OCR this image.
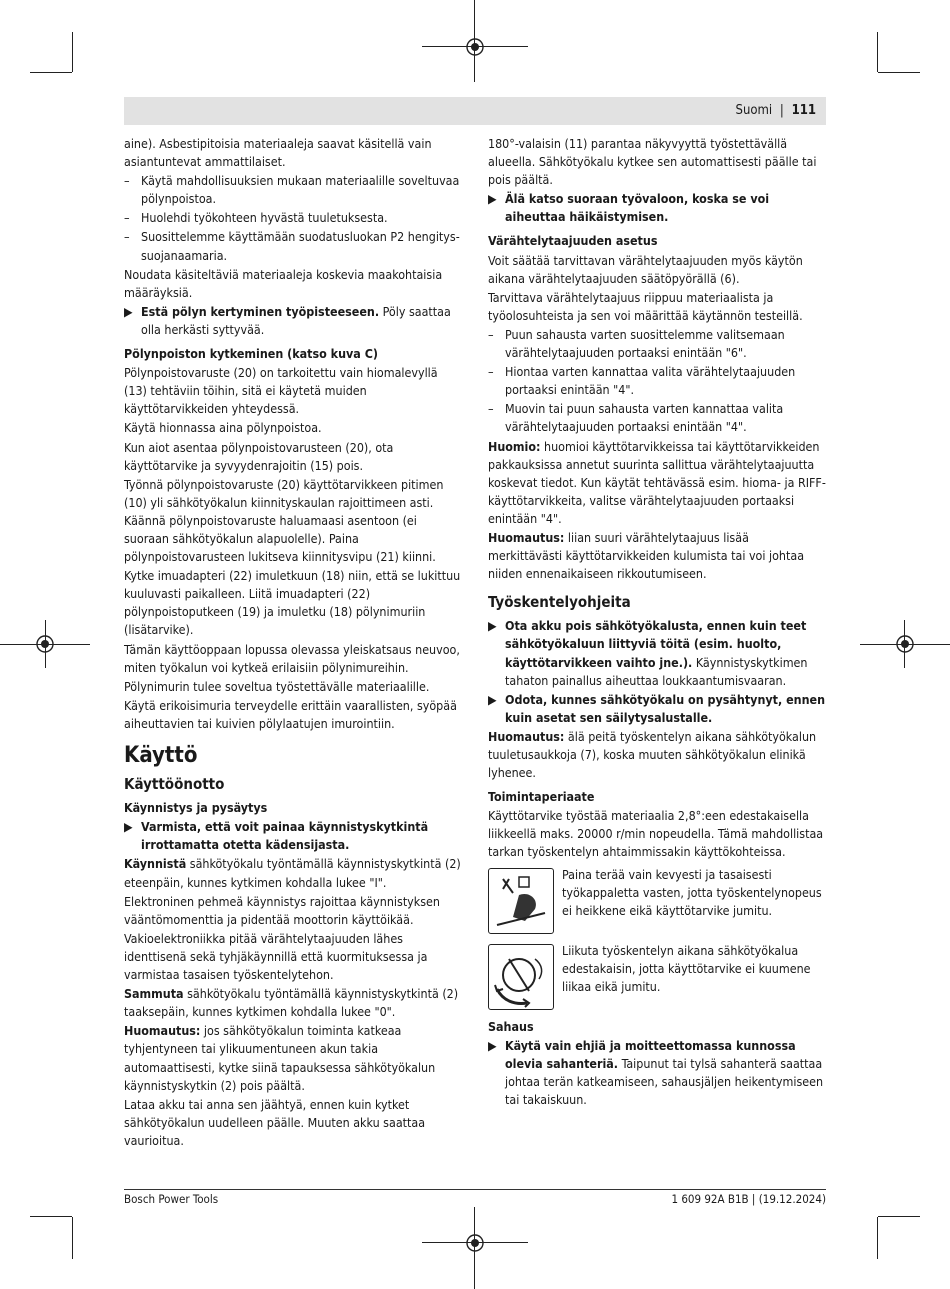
Suomi | 111

aine). Asbestipitoisia materiaaleja saavat käsitellä vain asiantuntevat ammattilaiset.

– Käytä mahdollisuuksien mukaan materiaalille soveltuvaa pölynpoistoa.

– Huolehdi työkohteen hyvästä tuuletuksesta.

– Suosittelemme käyttämään suodatusluokan P2 hengityssuojanaamaria.

Noudata käsiteltäviä materiaaleja koskevia maakohtaisia määräyksiä.

▶ Estä pölyn kertyminen työpisteeseen. Pöly saattaa olla herkästi syttyvää.

Pölynpoiston kytkeminen (katso kuva C)

Pölynpoistovaruste (20) on tarkoitettu vain hiomalevyllä (13) tehtäviin töihin, sitä ei käytetä muiden käyttötarvikkeiden yhteydessä.

Käytä hionnassa aina pölynpoistoa.

Kun aiot asentaa pölynpoistovarusteen (20), ota käyttötarvike ja syvyydenrajoitin (15) pois.

Työnnä pölynpoistovaruste (20) käyttötarvikkeen pitimen (10) yli sähkötyökalun kiinnityskaulan rajoittimeen asti. Käännä pölynpoistovaruste haluamaasi asentoon (ei suoraan sähkötyökalun alapuolelle). Paina pölynpoistovarusteen lukitseva kiinnitysvipu (21) kiinni.

Kytke imuadapteri (22) imuletkuun (18) niin, että se lukittuu kuuluvasti paikalleen. Liitä imuadapteri (22) pölynpoistoputkeen (19) ja imuletku (18) pölynimuriin (lisätarvike).

Tämän käyttöoppaan lopussa olevassa yleiskatsaus neuvoo, miten työkalun voi kytkeä erilaisiin pölynimureihin.

Pölynimurin tulee soveltua työstettävälle materiaalille.

Käytä erikoisimuria terveydelle erittäin vaarallisten, syöpää aiheuttavien tai kuivien pölylaatujen imurointiin.

Käyttö
Käyttöönotto
Käynnistys ja pysäytys

▶ Varmista, että voit painaa käynnistyskytkintä irrottamatta otetta kädensijasta.

Käynnistä sähkötyökalu työntämällä käynnistyskytkintä (2) eteenpäin, kunnes kytkimen kohdalla lukee "I".

Elektroninen pehmeä käynnistys rajoittaa käynnistyksen vääntömomenttia ja pidentää moottorin käyttöikää.

Vakioelektroniikka pitää värähtelytaajuuden lähes identtisenä sekä tyhjäkäynnillä että kuormituksessa ja varmistaa tasaisen työskentelytehon.

Sammuta sähkötyökalu työntämällä käynnistyskytkintä (2) taaksepäin, kunnes kytkimen kohdalla lukee "0".

Huomautus: jos sähkötyökalun toiminta katkeaa tyhjentyneen tai ylikuumentuneen akun takia automaattisesti, kytke siinä tapauksessa sähkötyökalun käynnistyskytkin (2) pois päältä.

Lataa akku tai anna sen jäähtyä, ennen kuin kytket sähkötyökalun uudelleen päälle. Muuten akku saattaa vaurioitua.

180°-valaisin (11) parantaa näkyvyyttä työstettävällä alueella. Sähkötyökalu kytkee sen automattisesti päälle tai pois päältä.

▶ Älä katso suoraan työvaloon, koska se voi aiheuttaa häikäistymisen.

Värähtelytaajuuden asetus

Voit säätää tarvittavan värähtelytaajuuden myös käytön aikana värähtelytaajuuden säätöpyörällä (6).

Tarvittava värähtelytaajuus riippuu materiaalista ja työolosuhteista ja sen voi määrittää käytännön testeillä.

– Puun sahausta varten suosittelemme valitsemaan värähtelytaajuuden portaaksi enintään "6".

– Hiontaa varten kannattaa valita värähtelytaajuuden portaaksi enintään "4".

– Muovin tai puun sahausta varten kannattaa valita värähtelytaajuuden portaaksi enintään "4".

Huomio: huomioi käyttötarvikkeissa tai käyttötarvikkeiden pakkauksissa annetut suurinta sallittua värähtelytaajuutta koskevat tiedot. Kun käytät tehtävässä esim. hioma- ja RIFF-käyttötarvikkeita, valitse värähtelytaajuuden portaaksi enintään "4".

Huomautus: liian suuri värähtelytaajuus lisää merkittävästi käyttötarvikkeiden kulumista tai voi johtaa niiden ennenaikaiseen rikkoutumiseen.

Työskentelyohjeita

▶ Ota akku pois sähkötyökalusta, ennen kuin teet sähkötyökaluun liittyviä töitä (esim. huolto, käyttötarvikkeen vaihto jne.). Käynnistyskytkimen tahaton painallus aiheuttaa loukkaantumisvaaran.

▶ Odota, kunnes sähkötyökalu on pysähtynyt, ennen kuin asetat sen säilytysalustalle.

Huomautus: älä peitä työskentelyn aikana sähkötyökalun tuuletusaukkoja (7), koska muuten sähkötyökalun elinikä lyhenee.

Toimintaperiaate

Käyttötarvike työstää materiaalia 2,8°:een edestakaisella liikkeellä maks. 20000 r/min nopeudella. Tämä mahdollistaa tarkan työskentelyn ahtaimmissakin käyttökohteissa.

Paina terää vain kevyesti ja tasaisesti työkappaletta vasten, jotta työskentelynopeus ei heikkene eikä käyttötarvike jumitu.
Liikuta työskentelyn aikana sähkötyökalua edestakaisin, jotta käyttötarvike ei kuumene liikaa eikä jumitu.
Sahaus

▶ Käytä vain ehjiä ja moitteettomassa kunnossa olevia sahanteriä. Taipunut tai tylsä sahanterä saattaa johtaa terän katkeamiseen, sahausjäljen heikentymiseen tai takaiskuun.

Bosch Power Tools	1 609 92A B1B | (19.12.2024)
